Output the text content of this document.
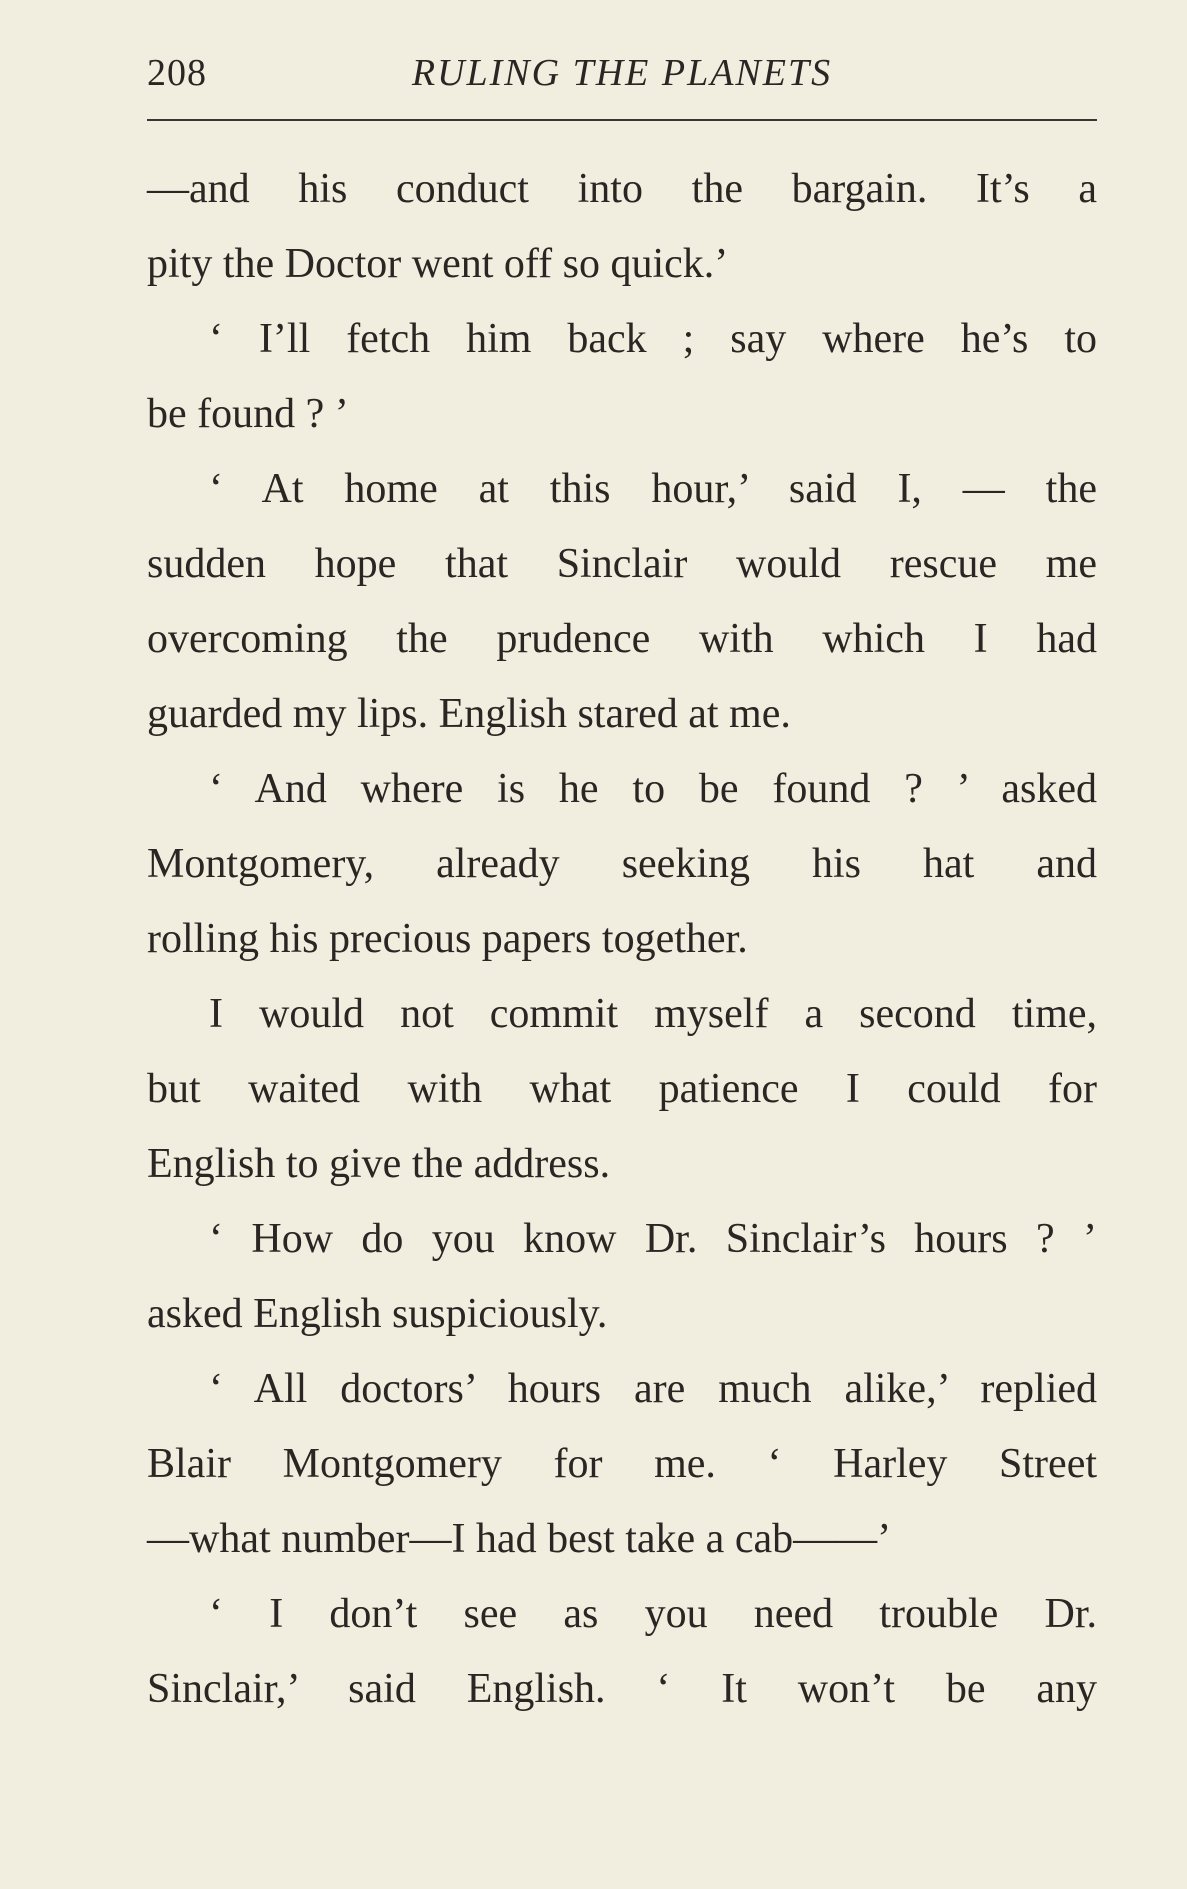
208	RULING THE PLANETS
—and his conduct into the bargain. It’s a
pity the Doctor went off so quick.’
‘ I’ll fetch him back ; say where he’s to
be found ? ’
‘ At home at this hour,’ said I, — the
sudden hope that Sinclair would rescue me
overcoming the prudence with which I had
guarded my lips. English stared at me.
‘ And where is he to be found ? ’ asked
Montgomery, already seeking his hat and
rolling his precious papers together.
I would not commit myself a second time,
but waited with what patience I could for
English to give the address.
‘ How do you know Dr. Sinclair’s hours ? ’
asked English suspiciously.
‘ All doctors’ hours are much alike,’ replied
Blair Montgomery for me. ‘ Harley Street
—what number—I had best take a cab——’
‘ I don’t see as you need trouble Dr.
Sinclair,’ said English. ‘ It won’t be any
